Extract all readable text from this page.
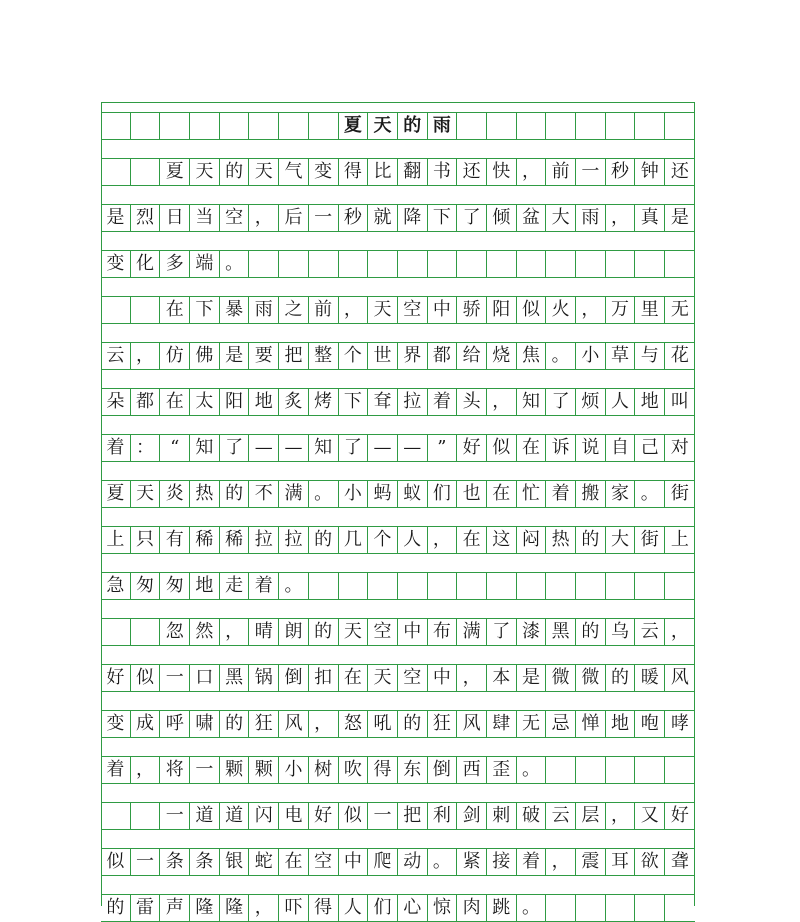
夏 天 的 雨
夏 天 的 天 气 变 得 比 翻 书 还 快 ， 前 一 秒 钟 还
是 烈 日 当 空 ， 后 一 秒 就 降 下 了 倾 盆 大 雨 ， 真 是
变 化 多 端 。
在 下 暴 雨 之 前 ， 天 空 中 骄 阳 似 火 ， 万 里 无
云 ， 仿 佛 是 要 把 整 个 世 界 都 给 烧 焦 。 小 草 与 花
朵 都 在 太 阳 地 炙 烤 下 耷 拉 着 头 ， 知 了 烦 人 地 叫
着 ： “ 知 了 — — 知 了 — — ” 好 似 在 诉 说 自 己 对
夏 天 炎 热 的 不 满 。 小 蚂 蚁 们 也 在 忙 着 搬 家 。 街
上 只 有 稀 稀 拉 拉 的 几 个 人 ， 在 这 闷 热 的 大 街 上
急 匆 匆 地 走 着 。
忽 然 ， 晴 朗 的 天 空 中 布 满 了 漆 黑 的 乌 云 ，
好 似 一 口 黑 锅 倒 扣 在 天 空 中 ， 本 是 微 微 的 暖 风
变 成 呼 啸 的 狂 风 ， 怒 吼 的 狂 风 肆 无 忌 惮 地 咆 哮
着 ， 将 一 颗 颗 小 树 吹 得 东 倒 西 歪 。
一 道 道 闪 电 好 似 一 把 利 剑 刺 破 云 层 ， 又 好
似 一 条 条 银 蛇 在 空 中 爬 动 。 紧 接 着 ， 震 耳 欲 聋
的 雷 声 隆 隆 ， 吓 得 人 们 心 惊 肉 跳 。
